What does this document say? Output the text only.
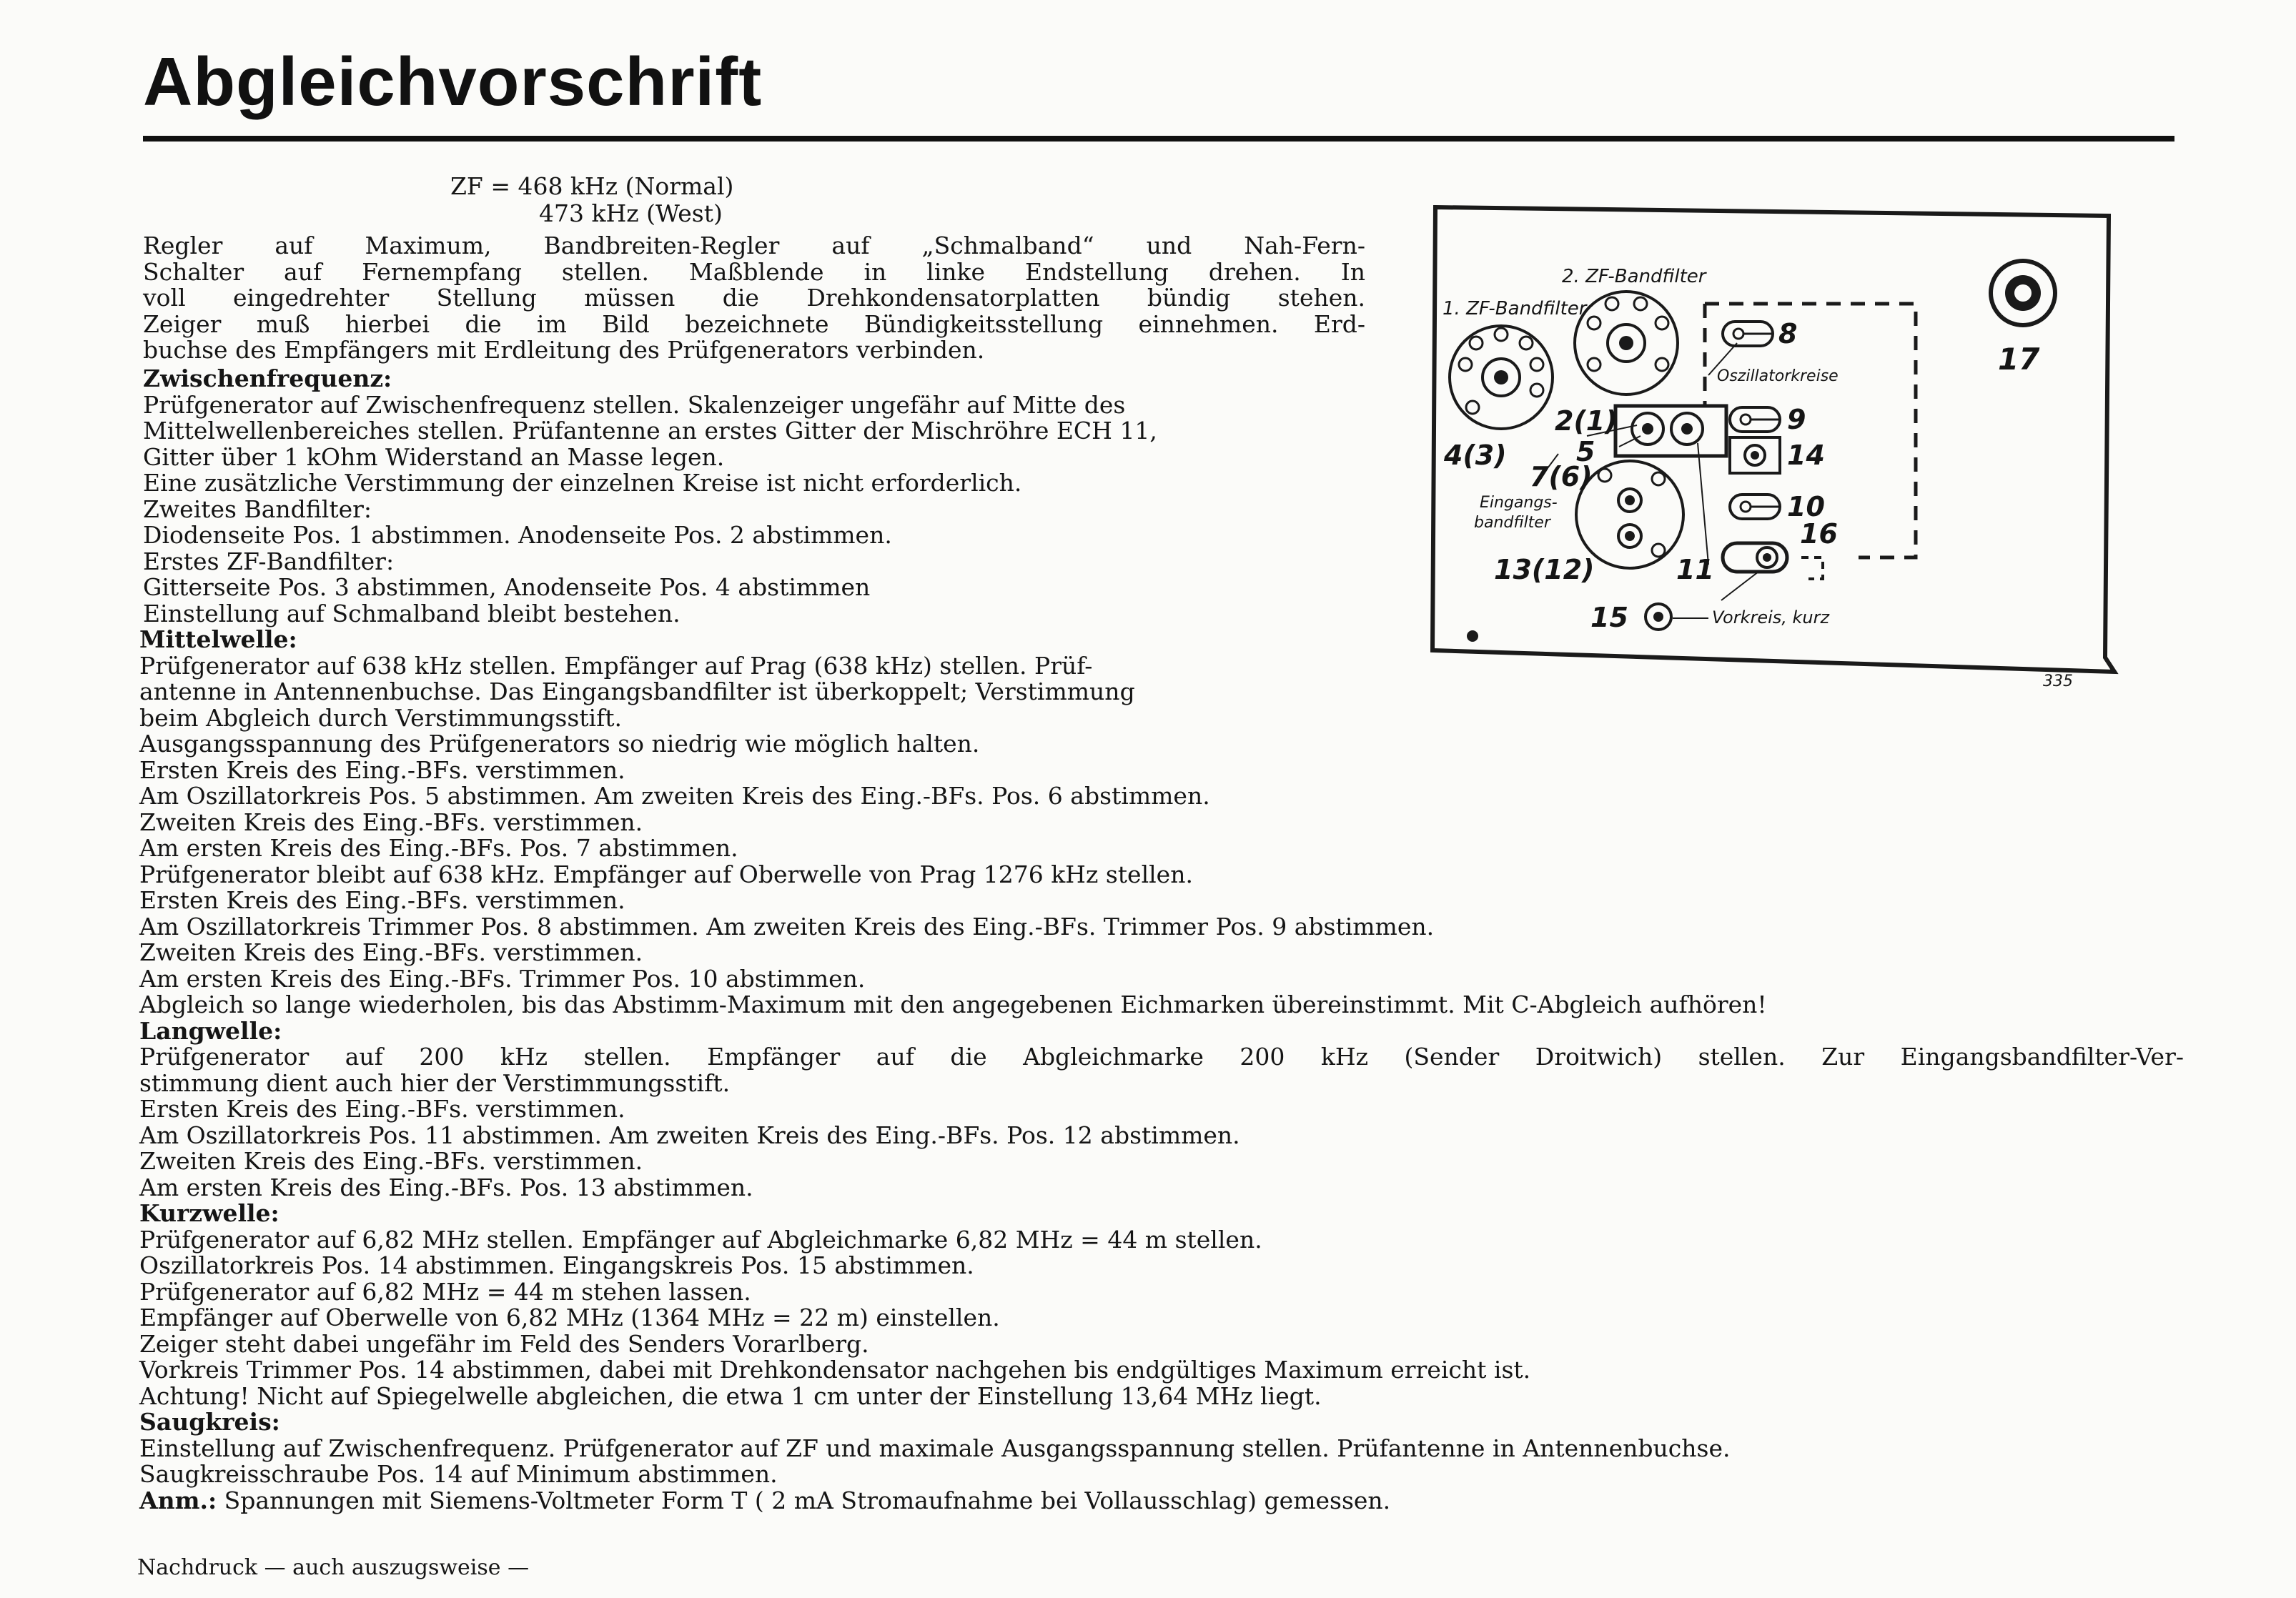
Abgleichvorschrift
ZF = 468 kHz (Normal)
473 kHz (West)
Regler auf Maximum, Bandbreiten-Regler auf „Schmalband“ und Nah-Fern-
Schalter auf Fernempfang stellen. Maßblende in linke Endstellung drehen. In
voll eingedrehter Stellung müssen die Drehkondensatorplatten bündig stehen.
Zeiger muß hierbei die im Bild bezeichnete Bündigkeitsstellung einnehmen. Erd-
buchse des Empfängers mit Erdleitung des Prüfgenerators verbinden.
Zwischenfrequenz:
Prüfgenerator auf Zwischenfrequenz stellen. Skalenzeiger ungefähr auf Mitte des
Mittelwellenbereiches stellen. Prüfantenne an erstes Gitter der Mischröhre ECH 11,
Gitter über 1 kOhm Widerstand an Masse legen.
Eine zusätzliche Verstimmung der einzelnen Kreise ist nicht erforderlich.
Zweites Bandfilter:
Diodenseite Pos. 1 abstimmen. Anodenseite Pos. 2 abstimmen.
Erstes ZF-Bandfilter:
Gitterseite Pos. 3 abstimmen, Anodenseite Pos. 4 abstimmen
Einstellung auf Schmalband bleibt bestehen.
Mittelwelle:
Prüfgenerator auf 638 kHz stellen. Empfänger auf Prag (638 kHz) stellen. Prüf-
antenne in Antennenbuchse. Das Eingangsbandfilter ist überkoppelt; Verstimmung
beim Abgleich durch Verstimmungsstift.
Ausgangsspannung des Prüfgenerators so niedrig wie möglich halten.
Ersten Kreis des Eing.-BFs. verstimmen.
Am Oszillatorkreis Pos. 5 abstimmen. Am zweiten Kreis des Eing.-BFs. Pos. 6 abstimmen.
Zweiten Kreis des Eing.-BFs. verstimmen.
Am ersten Kreis des Eing.-BFs. Pos. 7 abstimmen.
Prüfgenerator bleibt auf 638 kHz. Empfänger auf Oberwelle von Prag 1276 kHz stellen.
Ersten Kreis des Eing.-BFs. verstimmen.
Am Oszillatorkreis Trimmer Pos. 8 abstimmen. Am zweiten Kreis des Eing.-BFs. Trimmer Pos. 9 abstimmen.
Zweiten Kreis des Eing.-BFs. verstimmen.
Am ersten Kreis des Eing.-BFs. Trimmer Pos. 10 abstimmen.
Abgleich so lange wiederholen, bis das Abstimm-Maximum mit den angegebenen Eichmarken übereinstimmt. Mit C-Abgleich aufhören!
Langwelle:
Prüfgenerator auf 200 kHz stellen. Empfänger auf die Abgleichmarke 200 kHz (Sender Droitwich) stellen. Zur Eingangsbandfilter-Ver-
stimmung dient auch hier der Verstimmungsstift.
Ersten Kreis des Eing.-BFs. verstimmen.
Am Oszillatorkreis Pos. 11 abstimmen. Am zweiten Kreis des Eing.-BFs. Pos. 12 abstimmen.
Zweiten Kreis des Eing.-BFs. verstimmen.
Am ersten Kreis des Eing.-BFs. Pos. 13 abstimmen.
Kurzwelle:
Prüfgenerator auf 6,82 MHz stellen. Empfänger auf Abgleichmarke 6,82 MHz = 44 m stellen.
Oszillatorkreis Pos. 14 abstimmen. Eingangskreis Pos. 15 abstimmen.
Prüfgenerator auf 6,82 MHz = 44 m stehen lassen.
Empfänger auf Oberwelle von 6,82 MHz (1364 MHz = 22 m) einstellen.
Zeiger steht dabei ungefähr im Feld des Senders Vorarlberg.
Vorkreis Trimmer Pos. 14 abstimmen, dabei mit Drehkondensator nachgehen bis endgültiges Maximum erreicht ist.
Achtung! Nicht auf Spiegelwelle abgleichen, die etwa 1 cm unter der Einstellung 13,64 MHz liegt.
Saugkreis:
Einstellung auf Zwischenfrequenz. Prüfgenerator auf ZF und maximale Ausgangsspannung stellen. Prüfantenne in Antennenbuchse.
Saugkreisschraube Pos. 14 auf Minimum abstimmen.
Anm.: Spannungen mit Siemens-Voltmeter Form T ( 2 mA Stromaufnahme bei Vollausschlag) gemessen.
Nachdruck — auch auszugsweise —
1. ZF-Bandfilter
2. ZF-Bandfilter
Oszillatorkreise
Eingangs-
bandfilter
Vorkreis, kurz
335
8
9
14
10
16
17
2(1)
4(3)	5
7(6)
13(12)	11
15
